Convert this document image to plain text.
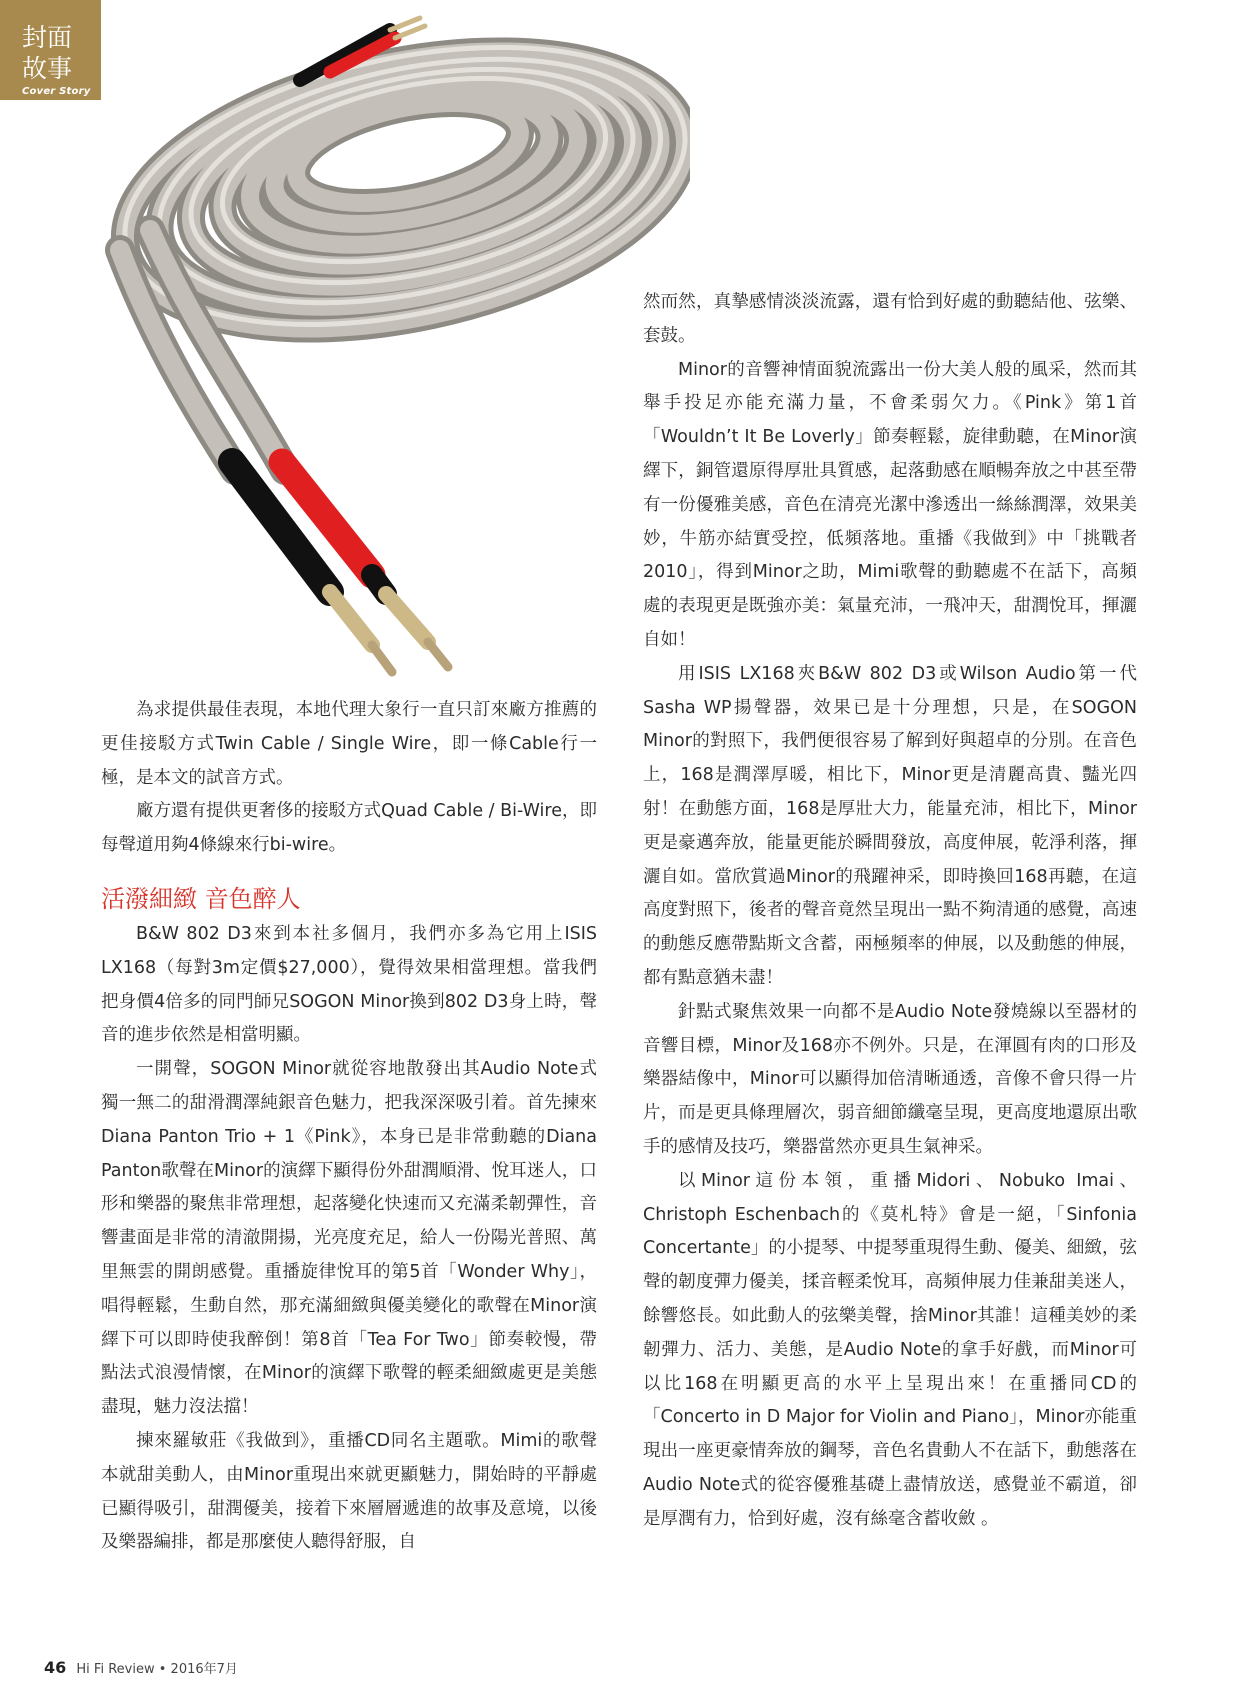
封面
故事
Cover Story

為求提供最佳表現，本地代理大象行一直只訂來廠方推薦的更佳接駁方式Twin Cable / Single Wire，即一條Cable行一極，是本文的試音方式。

廠方還有提供更奢侈的接駁方式Quad Cable / Bi-Wire，即每聲道用夠4條線來行bi-wire。

活潑細緻 音色醉人

B&W 802 D3來到本社多個月，我們亦多為它用上ISIS LX168（每對3m定價$27,000），覺得效果相當理想。當我們把身價4倍多的同門師兄SOGON Minor換到802 D3身上時，聲音的進步依然是相當明顯。

一開聲，SOGON Minor就從容地散發出其Audio Note式獨一無二的甜滑潤澤純銀音色魅力，把我深深吸引着。首先揀來Diana Panton Trio + 1《Pink》，本身已是非常動聽的Diana Panton歌聲在Minor的演繹下顯得份外甜潤順滑、悅耳迷人，口形和樂器的聚焦非常理想，起落變化快速而又充滿柔韌彈性，音響畫面是非常的清澈開揚，光亮度充足，給人一份陽光普照、萬里無雲的開朗感覺。重播旋律悅耳的第5首「Wonder Why」，唱得輕鬆，生動自然，那充滿細緻與優美變化的歌聲在Minor演繹下可以即時使我醉倒！第8首「Tea For Two」節奏較慢，帶點法式浪漫情懷，在Minor的演繹下歌聲的輕柔細緻處更是美態盡現，魅力沒法擋！

揀來羅敏莊《我做到》，重播CD同名主題歌。Mimi的歌聲本就甜美動人，由Minor重現出來就更顯魅力，開始時的平靜處已顯得吸引，甜潤優美，接着下來層層遞進的故事及意境，以後及樂器編排，都是那麼使人聽得舒服，自

然而然，真摯感情淡淡流露，還有恰到好處的動聽結他、弦樂、套鼓。

Minor的音響神情面貌流露出一份大美人般的風采，然而其舉手投足亦能充滿力量，不會柔弱欠力。《Pink》第1首「Wouldn’t It Be Loverly」節奏輕鬆，旋律動聽，在Minor演繹下，銅管還原得厚壯具質感，起落動感在順暢奔放之中甚至帶有一份優雅美感，音色在清亮光潔中滲透出一絲絲潤澤，效果美妙，牛筋亦結實受控，低頻落地。重播《我做到》中「挑戰者2010」，得到Minor之助，Mimi歌聲的動聽處不在話下，高頻處的表現更是既強亦美：氣量充沛，一飛冲天，甜潤悅耳，揮灑自如！

用ISIS LX168夾B&W 802 D3或Wilson Audio第一代Sasha WP揚聲器，效果已是十分理想，只是，在SOGON Minor的對照下，我們便很容易了解到好與超卓的分別。在音色上，168是潤澤厚暖，相比下，Minor更是清麗高貴、豔光四射！在動態方面，168是厚壯大力，能量充沛，相比下，Minor更是豪邁奔放，能量更能於瞬間發放，高度伸展，乾淨利落，揮灑自如。當欣賞過Minor的飛躍神采，即時換回168再聽，在這高度對照下，後者的聲音竟然呈現出一點不夠清通的感覺，高速的動態反應帶點斯文含蓄，兩極頻率的伸展，以及動態的伸展，都有點意猶未盡！

針點式聚焦效果一向都不是Audio Note發燒線以至器材的音響目標，Minor及168亦不例外。只是，在渾圓有肉的口形及樂器結像中，Minor可以顯得加倍清晰通透，音像不會只得一片片，而是更具條理層次，弱音細節纖毫呈現，更高度地還原出歌手的感情及技巧，樂器當然亦更具生氣神采。

以Minor這份本領，重播Midori、Nobuko Imai、Christoph Eschenbach的《莫札特》會是一絕，「Sinfonia Concertante」的小提琴、中提琴重現得生動、優美、細緻，弦聲的韌度彈力優美，揉音輕柔悅耳，高頻伸展力佳兼甜美迷人，餘響悠長。如此動人的弦樂美聲，捨Minor其誰！這種美妙的柔韌彈力、活力、美態，是Audio Note的拿手好戲，而Minor可以比168在明顯更高的水平上呈現出來！在重播同CD的「Concerto in D Major for Violin and Piano」，Minor亦能重現出一座更豪情奔放的鋼琴，音色名貴動人不在話下，動態落在Audio Note式的從容優雅基礎上盡情放送，感覺並不霸道，卻是厚潤有力，恰到好處，沒有絲毫含蓄收斂 。

46 Hi Fi Review • 2016年7月
